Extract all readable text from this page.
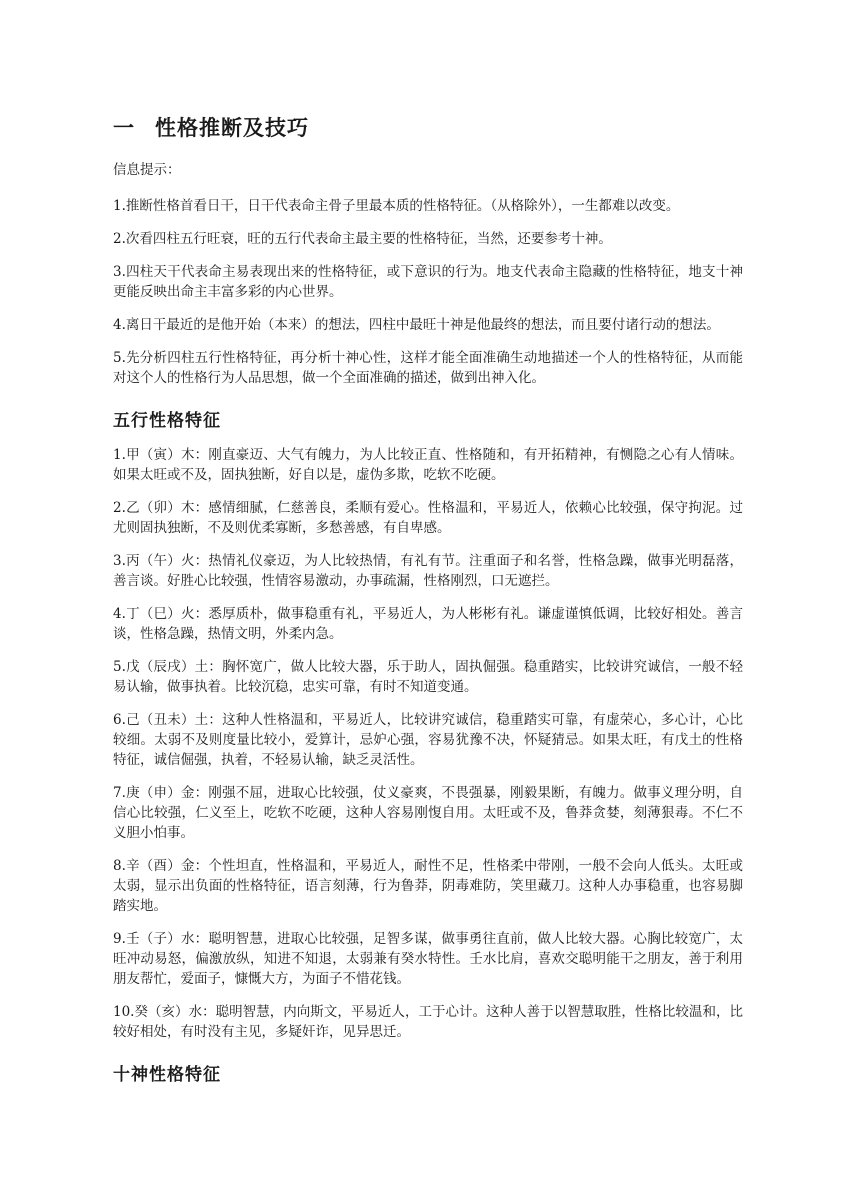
一 性格推断及技巧

信息提示：

1.推断性格首看日干，日干代表命主骨子里最本质的性格特征。（从格除外），一生都难以改变。

2.次看四柱五行旺衰，旺的五行代表命主最主要的性格特征，当然，还要参考十神。

3.四柱天干代表命主易表现出来的性格特征，或下意识的行为。地支代表命主隐藏的性格特征，地支十神更能反映出命主丰富多彩的内心世界。

4.离日干最近的是他开始（本来）的想法，四柱中最旺十神是他最终的想法，而且要付诸行动的想法。

5.先分析四柱五行性格特征，再分析十神心性，这样才能全面准确生动地描述一个人的性格特征，从而能对这个人的性格行为人品思想，做一个全面准确的描述，做到出神入化。

五行性格特征

1.甲（寅）木：刚直豪迈、大气有魄力，为人比较正直、性格随和，有开拓精神，有恻隐之心有人情味。如果太旺或不及，固执独断，好自以是，虚伪多欺，吃软不吃硬。

2.乙（卯）木：感情细腻，仁慈善良，柔顺有爱心。性格温和，平易近人，依赖心比较强，保守拘泥。过尤则固执独断，不及则优柔寡断，多愁善感，有自卑感。

3.丙（午）火：热情礼仪豪迈，为人比较热情，有礼有节。注重面子和名誉，性格急躁，做事光明磊落，善言谈。好胜心比较强，性情容易激动，办事疏漏，性格刚烈，口无遮拦。

4.丁（巳）火：悉厚质朴，做事稳重有礼，平易近人，为人彬彬有礼。谦虚谨慎低调，比较好相处。善言谈，性格急躁，热情文明，外柔内急。

5.戊（辰戌）土：胸怀宽广，做人比较大器，乐于助人，固执倔强。稳重踏实，比较讲究诚信，一般不轻易认输，做事执着。比较沉稳，忠实可靠，有时不知道变通。

6.己（丑未）土：这种人性格温和，平易近人，比较讲究诚信，稳重踏实可靠，有虚荣心，多心计，心比较细。太弱不及则度量比较小，爱算计，忌妒心强，容易犹豫不决，怀疑猜忌。如果太旺，有戊土的性格特征，诚信倔强，执着，不轻易认输，缺乏灵活性。

7.庚（申）金：刚强不屈，进取心比较强，仗义豪爽，不畏强暴，刚毅果断，有魄力。做事义理分明，自信心比较强，仁义至上，吃软不吃硬，这种人容易刚愎自用。太旺或不及，鲁莽贪婪，刻薄狠毒。不仁不义胆小怕事。

8.辛（酉）金：个性坦直，性格温和，平易近人，耐性不足，性格柔中带刚，一般不会向人低头。太旺或太弱，显示出负面的性格特征，语言刻薄，行为鲁莽，阴毒难防，笑里藏刀。这种人办事稳重，也容易脚踏实地。

9.壬（子）水：聪明智慧，进取心比较强，足智多谋，做事勇往直前，做人比较大器。心胸比较宽广，太旺冲动易怒，偏激放纵，知进不知退，太弱兼有癸水特性。壬水比肩，喜欢交聪明能干之朋友，善于利用朋友帮忙，爱面子，慷慨大方，为面子不惜花钱。

10.癸（亥）水：聪明智慧，内向斯文，平易近人，工于心计。这种人善于以智慧取胜，性格比较温和，比较好相处，有时没有主见，多疑奸诈，见异思迁。

十神性格特征
